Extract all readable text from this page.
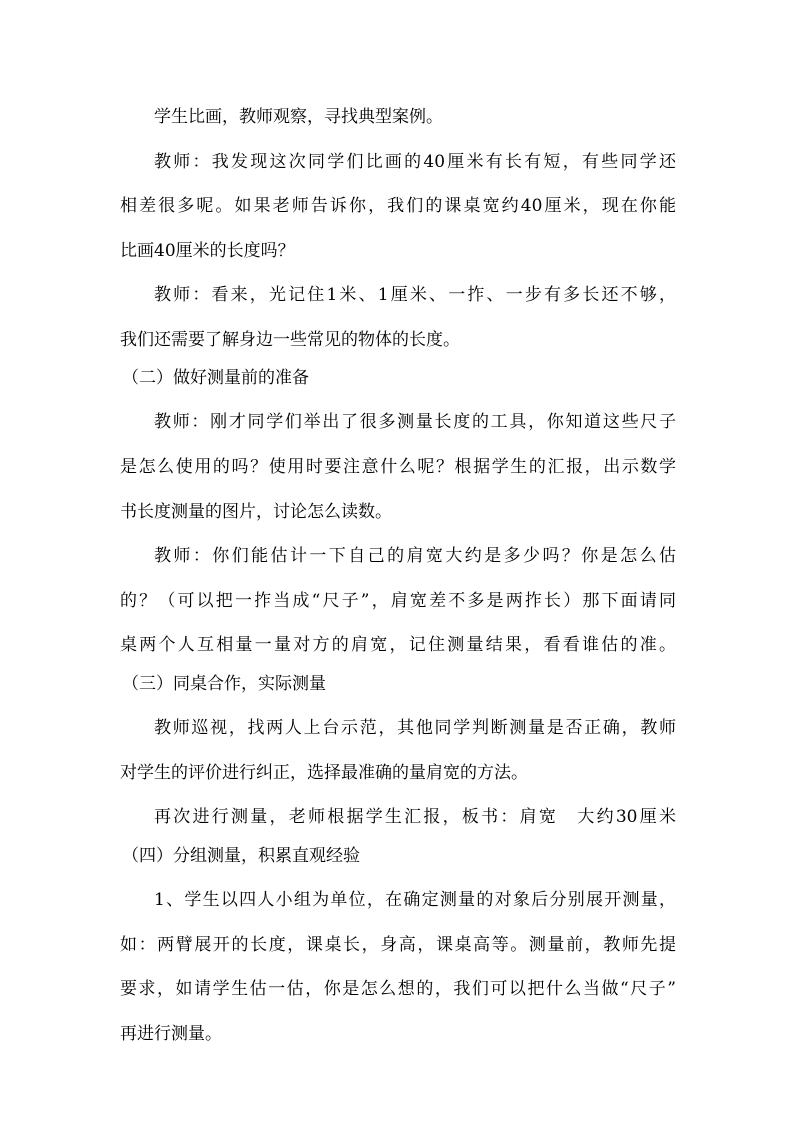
学生比画，教师观察，寻找典型案例。
教师：我发现这次同学们比画的40厘米有长有短，有些同学还
相差很多呢。如果老师告诉你，我们的课桌宽约40厘米，现在你能
比画40厘米的长度吗？
教师：看来，光记住1米、1厘米、一拃、一步有多长还不够，
我们还需要了解身边一些常见的物体的长度。
（二）做好测量前的准备
教师：刚才同学们举出了很多测量长度的工具，你知道这些尺子
是怎么使用的吗？使用时要注意什么呢？根据学生的汇报，出示数学
书长度测量的图片，讨论怎么读数。
教师：你们能估计一下自己的肩宽大约是多少吗？你是怎么估
的？（可以把一拃当成“尺子”，肩宽差不多是两拃长）那下面请同
桌两个人互相量一量对方的肩宽，记住测量结果，看看谁估的准。
（三）同桌合作，实际测量
教师巡视，找两人上台示范，其他同学判断测量是否正确，教师
对学生的评价进行纠正，选择最准确的量肩宽的方法。
再次进行测量，老师根据学生汇报，板书：肩宽　大约30厘米
（四）分组测量，积累直观经验
1、学生以四人小组为单位，在确定测量的对象后分别展开测量，
如：两臂展开的长度，课桌长，身高，课桌高等。测量前，教师先提
要求，如请学生估一估，你是怎么想的，我们可以把什么当做“尺子”
再进行测量。
